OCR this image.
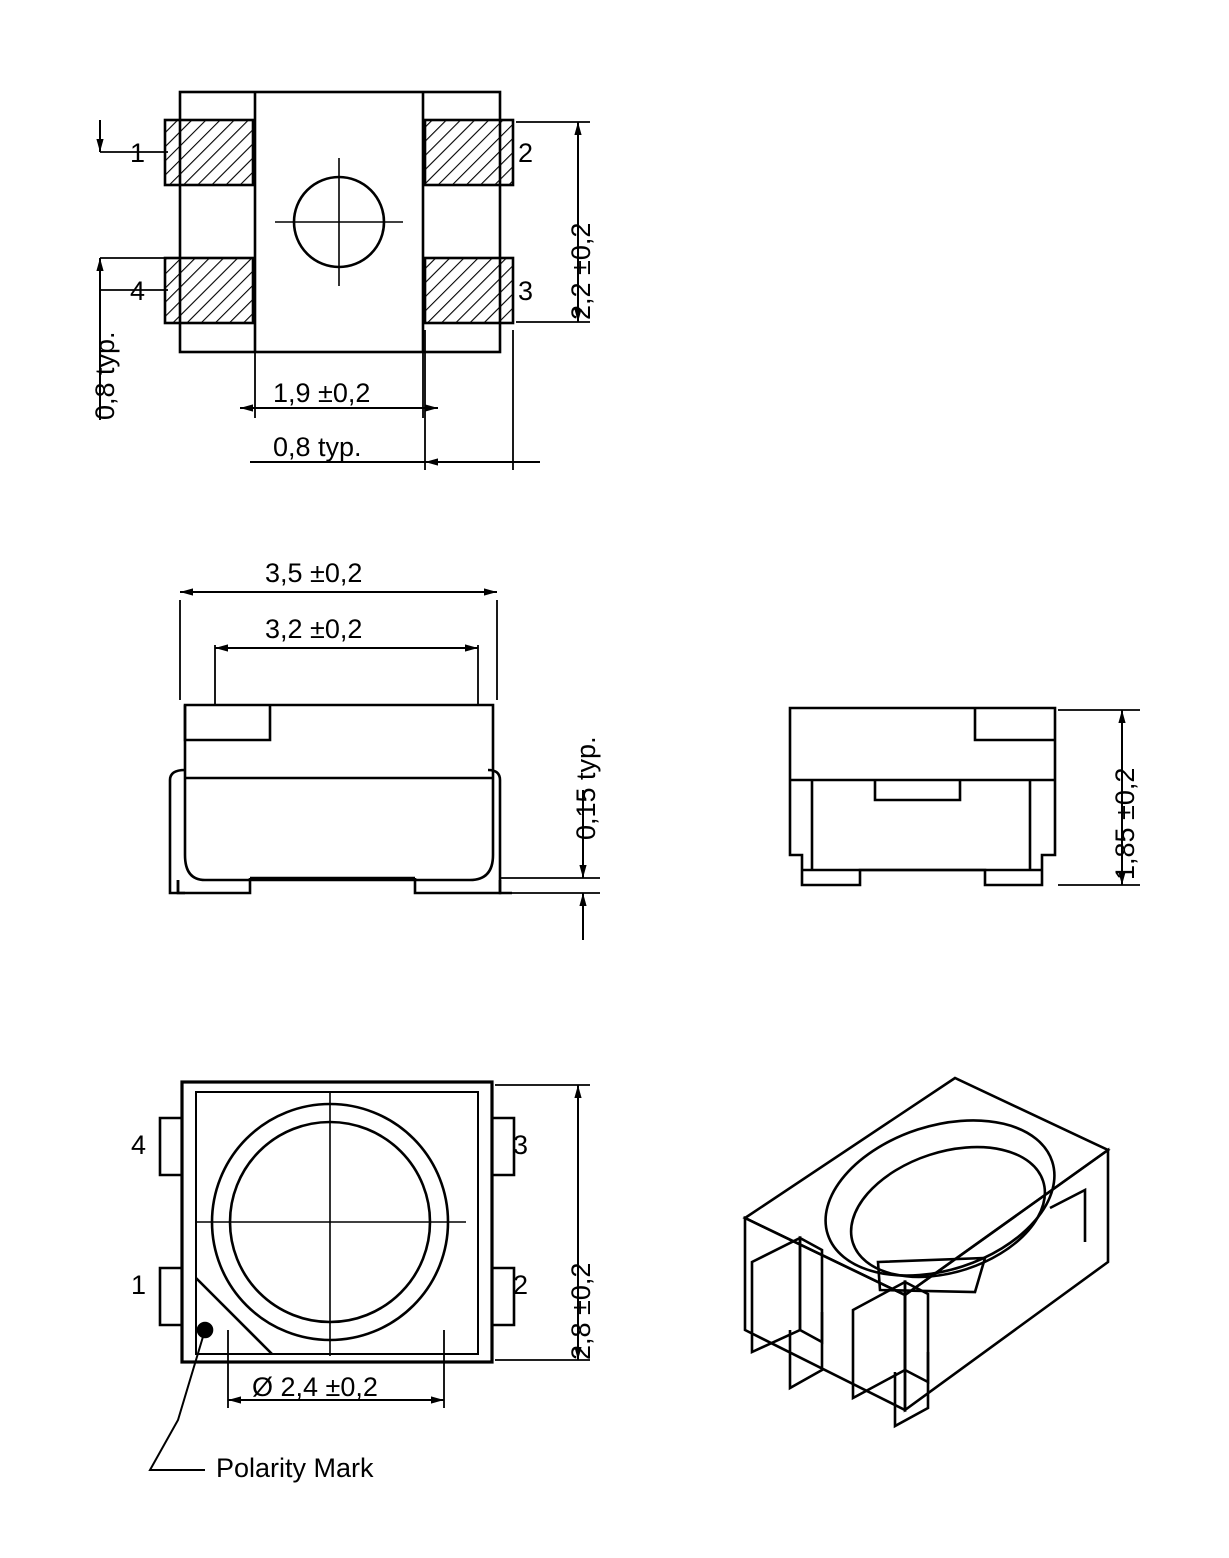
1	2
3
4
0,8 typ.
2,2 ±0,2
1,9 ±0,2
0,8 typ.
3,5 ±0,2
3,2 ±0,2
0,15 typ.	1,85 ±0,2
4	3
2
1	2,8 ±0,2
Ø 2,4 ±0,2
Polarity Mark
